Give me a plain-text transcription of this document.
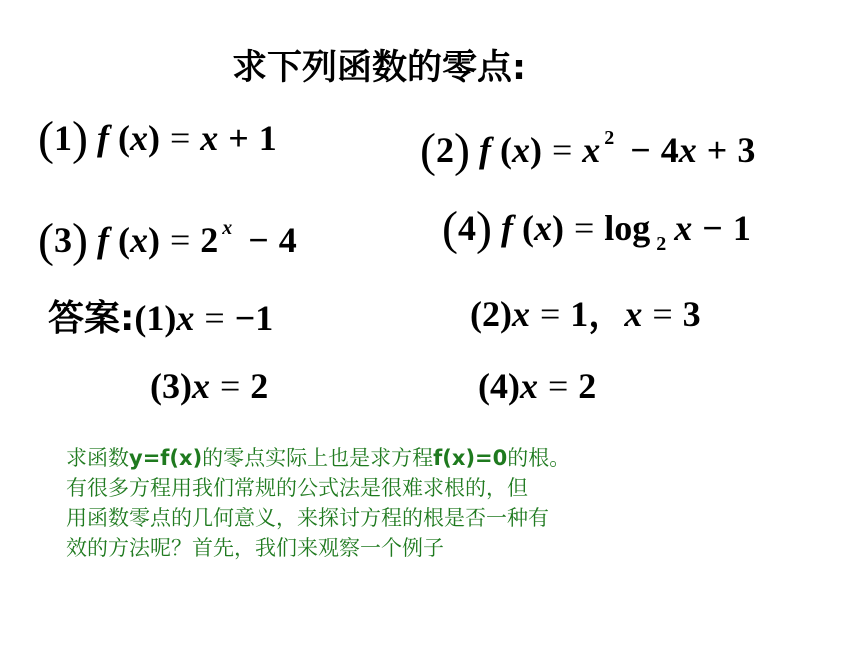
求下列函数的零点:
(1) f (x) = x + 1	(2) f (x) = x $^2$ − 4x + 3
(3) f (x) = 2 $^x$ − 4	(4) f (x) = log $_2$ x − 1
答案:(1)x = −1	(2)x = 1，x = 3
(3)x = 2	(4)x = 2
求函数y=f(x)的零点实际上也是求方程f(x)=0的根。
有很多方程用我们常规的公式法是很难求根的，但
用函数零点的几何意义，来探讨方程的根是否一种有
效的方法呢？首先，我们来观察一个例子
